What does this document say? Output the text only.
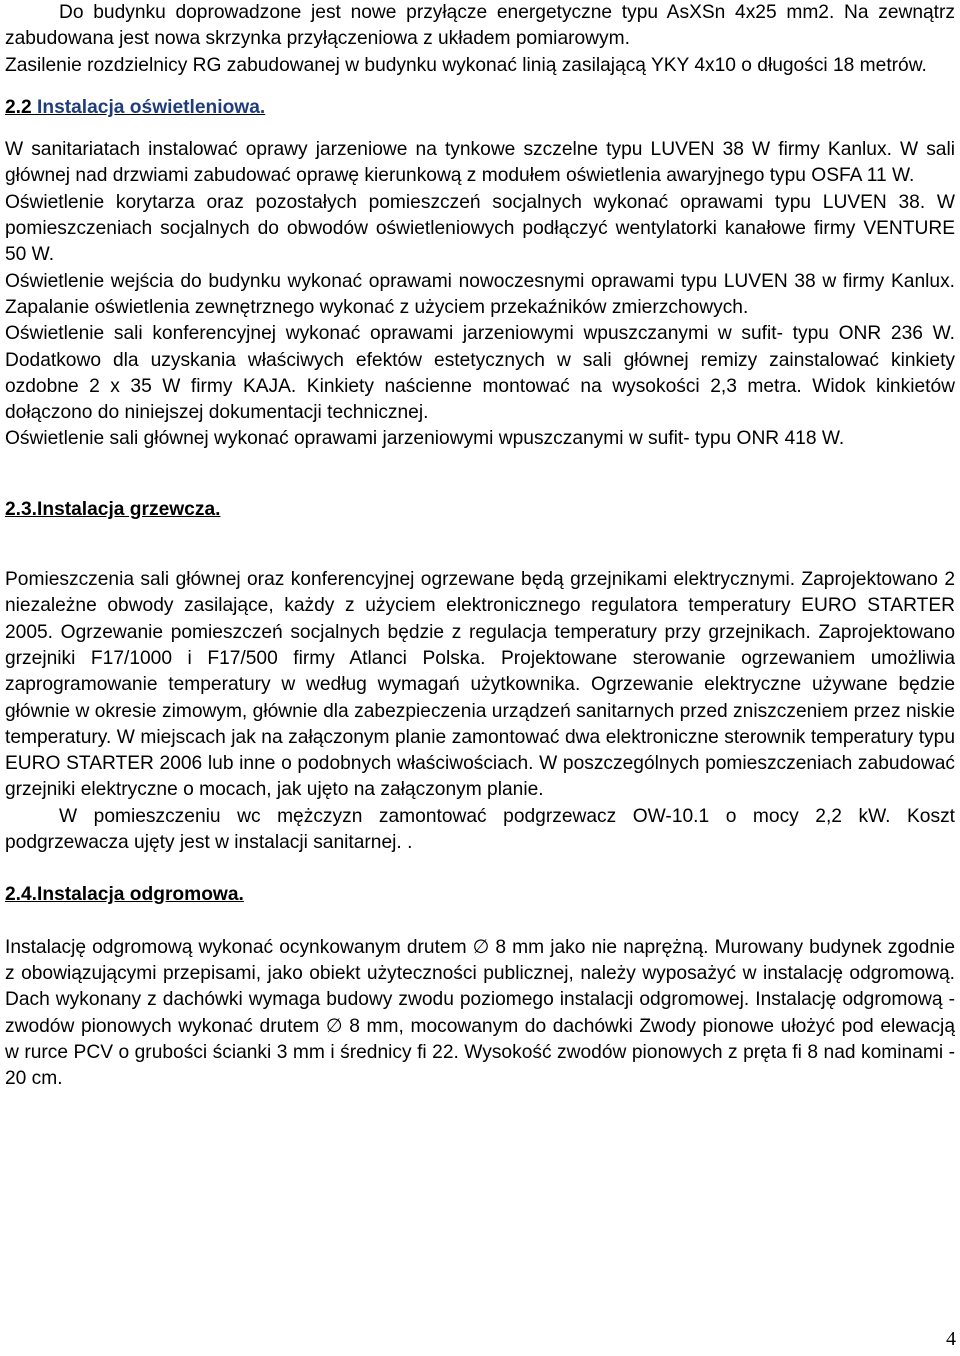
Do budynku doprowadzone jest nowe przyłącze energetyczne typu AsXSn 4x25 mm2. Na zewnątrz zabudowana jest nowa skrzynka przyłączeniowa z układem pomiarowym.

Zasilenie rozdzielnicy RG zabudowanej w budynku wykonać linią zasilającą YKY 4x10 o długości 18 metrów.

2.2 Instalacja oświetleniowa.

W sanitariatach instalować oprawy jarzeniowe na tynkowe szczelne typu LUVEN 38 W firmy Kanlux. W sali głównej nad drzwiami zabudować oprawę kierunkową z modułem oświetlenia awaryjnego typu OSFA 11 W.

Oświetlenie korytarza oraz pozostałych pomieszczeń socjalnych wykonać oprawami typu LUVEN 38. W pomieszczeniach socjalnych do obwodów oświetleniowych podłączyć wentylatorki kanałowe firmy VENTURE 50 W.

Oświetlenie wejścia do budynku wykonać oprawami nowoczesnymi oprawami typu LUVEN 38 w firmy Kanlux. Zapalanie oświetlenia zewnętrznego wykonać z użyciem przekaźników zmierzchowych.

Oświetlenie sali konferencyjnej wykonać oprawami jarzeniowymi wpuszczanymi w sufit- typu ONR 236 W. Dodatkowo dla uzyskania właściwych efektów estetycznych w sali głównej remizy zainstalować kinkiety ozdobne 2 x 35 W firmy KAJA. Kinkiety naścienne montować na wysokości 2,3 metra. Widok kinkietów dołączono do niniejszej dokumentacji technicznej.

Oświetlenie sali głównej wykonać oprawami jarzeniowymi wpuszczanymi w sufit- typu ONR 418 W.

2.3.Instalacja grzewcza.

Pomieszczenia sali głównej oraz konferencyjnej ogrzewane będą grzejnikami elektrycznymi. Zaprojektowano 2 niezależne obwody zasilające, każdy z użyciem elektronicznego regulatora temperatury EURO STARTER 2005. Ogrzewanie pomieszczeń socjalnych będzie z regulacja temperatury przy grzejnikach. Zaprojektowano grzejniki F17/1000 i F17/500 firmy Atlanci Polska. Projektowane sterowanie ogrzewaniem umożliwia zaprogramowanie temperatury w według wymagań użytkownika. Ogrzewanie elektryczne używane będzie głównie w okresie zimowym, głównie dla zabezpieczenia urządzeń sanitarnych przed zniszczeniem przez niskie temperatury. W miejscach jak na załączonym planie zamontować dwa elektroniczne sterownik temperatury typu EURO STARTER 2006 lub inne o podobnych właściwościach. W poszczególnych pomieszczeniach zabudować grzejniki elektryczne o mocach, jak ujęto na załączonym planie.

W pomieszczeniu wc mężczyzn zamontować podgrzewacz OW-10.1 o mocy 2,2 kW. Koszt podgrzewacza ujęty jest w instalacji sanitarnej. .

2.4.Instalacja odgromowa.

Instalację odgromową wykonać ocynkowanym drutem ∅ 8 mm jako nie naprężną. Murowany budynek zgodnie z obowiązującymi przepisami, jako obiekt użyteczności publicznej, należy wyposażyć w instalację odgromową. Dach wykonany z dachówki wymaga budowy zwodu poziomego instalacji odgromowej. Instalację odgromową - zwodów pionowych wykonać drutem ∅ 8 mm, mocowanym do dachówki Zwody pionowe ułożyć pod elewacją w rurce PCV o grubości ścianki 3 mm i średnicy fi 22. Wysokość zwodów pionowych z pręta fi 8 nad kominami - 20 cm.

4
